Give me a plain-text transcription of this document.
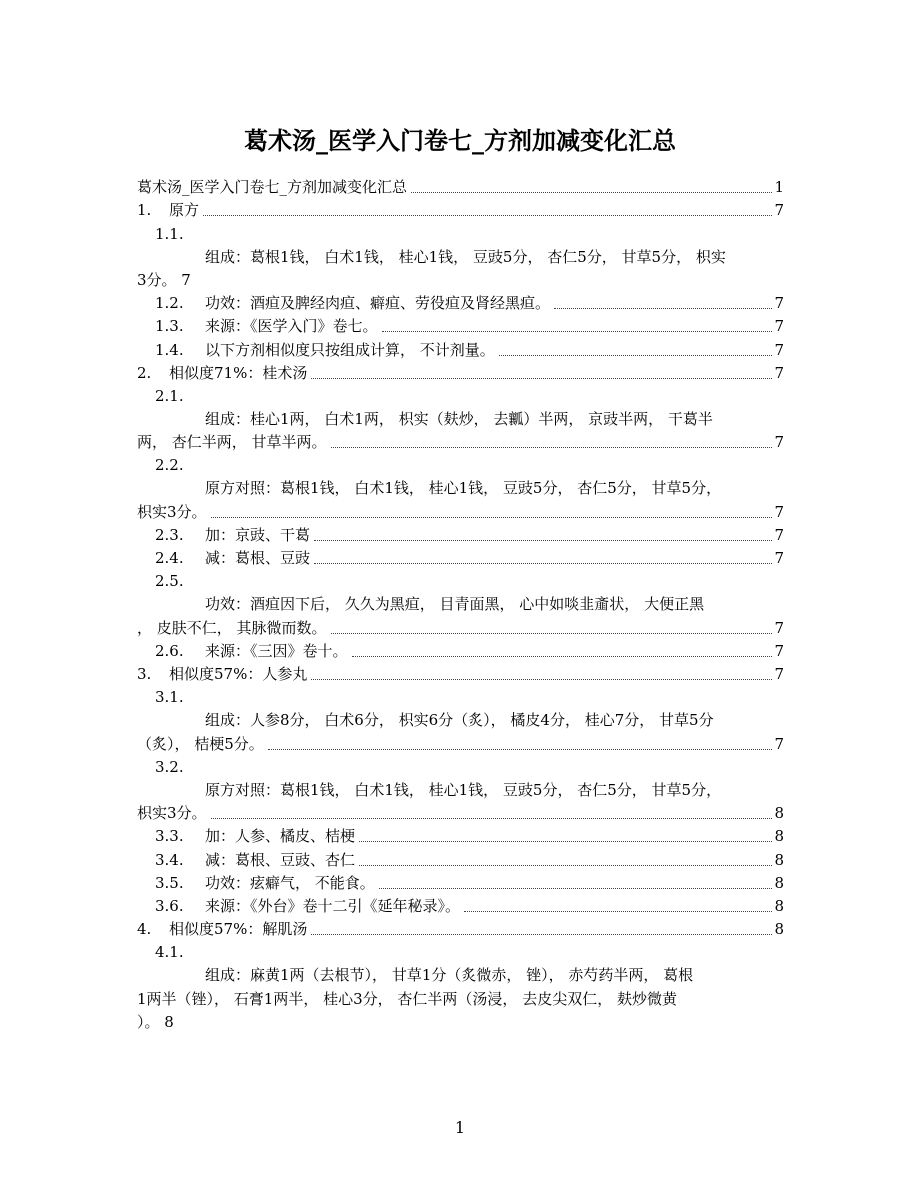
葛术汤_医学入门卷七_方剂加减变化汇总
葛术汤_医学入门卷七_方剂加减变化汇总	1
1.	原方	7
1.1.
组成：葛根1钱， 白术1钱， 桂心1钱， 豆豉5分， 杏仁5分， 甘草5分， 枳实
3分。 7
1.2.	功效：酒疸及脾经肉疸、癖疸、劳役疸及肾经黑疸。	7
1.3.	来源：《医学入门》卷七。	7
1.4.	以下方剂相似度只按组成计算， 不计剂量。	7
2.	相似度71%：桂术汤	7
2.1.
组成：桂心1两， 白术1两， 枳实（麸炒， 去瓤）半两， 京豉半两， 干葛半
两， 杏仁半两， 甘草半两。	7
2.2.
原方对照：葛根1钱， 白术1钱， 桂心1钱， 豆豉5分， 杏仁5分， 甘草5分，
枳实3分。	7
2.3.	加：京豉、干葛	7
2.4.	减：葛根、豆豉	7
2.5.
功效：酒疸因下后， 久久为黑疸， 目青面黑， 心中如啖韭齑状， 大便正黑
， 皮肤不仁， 其脉微而数。	7
2.6.	来源：《三因》卷十。	7
3.	相似度57%：人参丸	7
3.1.
组成：人参8分， 白术6分， 枳实6分（炙）， 橘皮4分， 桂心7分， 甘草5分
（炙）， 桔梗5分。	7
3.2.
原方对照：葛根1钱， 白术1钱， 桂心1钱， 豆豉5分， 杏仁5分， 甘草5分，
枳实3分。	8
3.3.	加：人参、橘皮、桔梗	8
3.4.	减：葛根、豆豉、杏仁	8
3.5.	功效：痃癖气， 不能食。	8
3.6.	来源：《外台》卷十二引《延年秘录》。	8
4.	相似度57%：解肌汤	8
4.1.
组成：麻黄1两（去根节）， 甘草1分（炙微赤， 锉）， 赤芍药半两， 葛根
1两半（锉）， 石膏1两半， 桂心3分， 杏仁半两（汤浸， 去皮尖双仁， 麸炒微黄
）。 8
1
